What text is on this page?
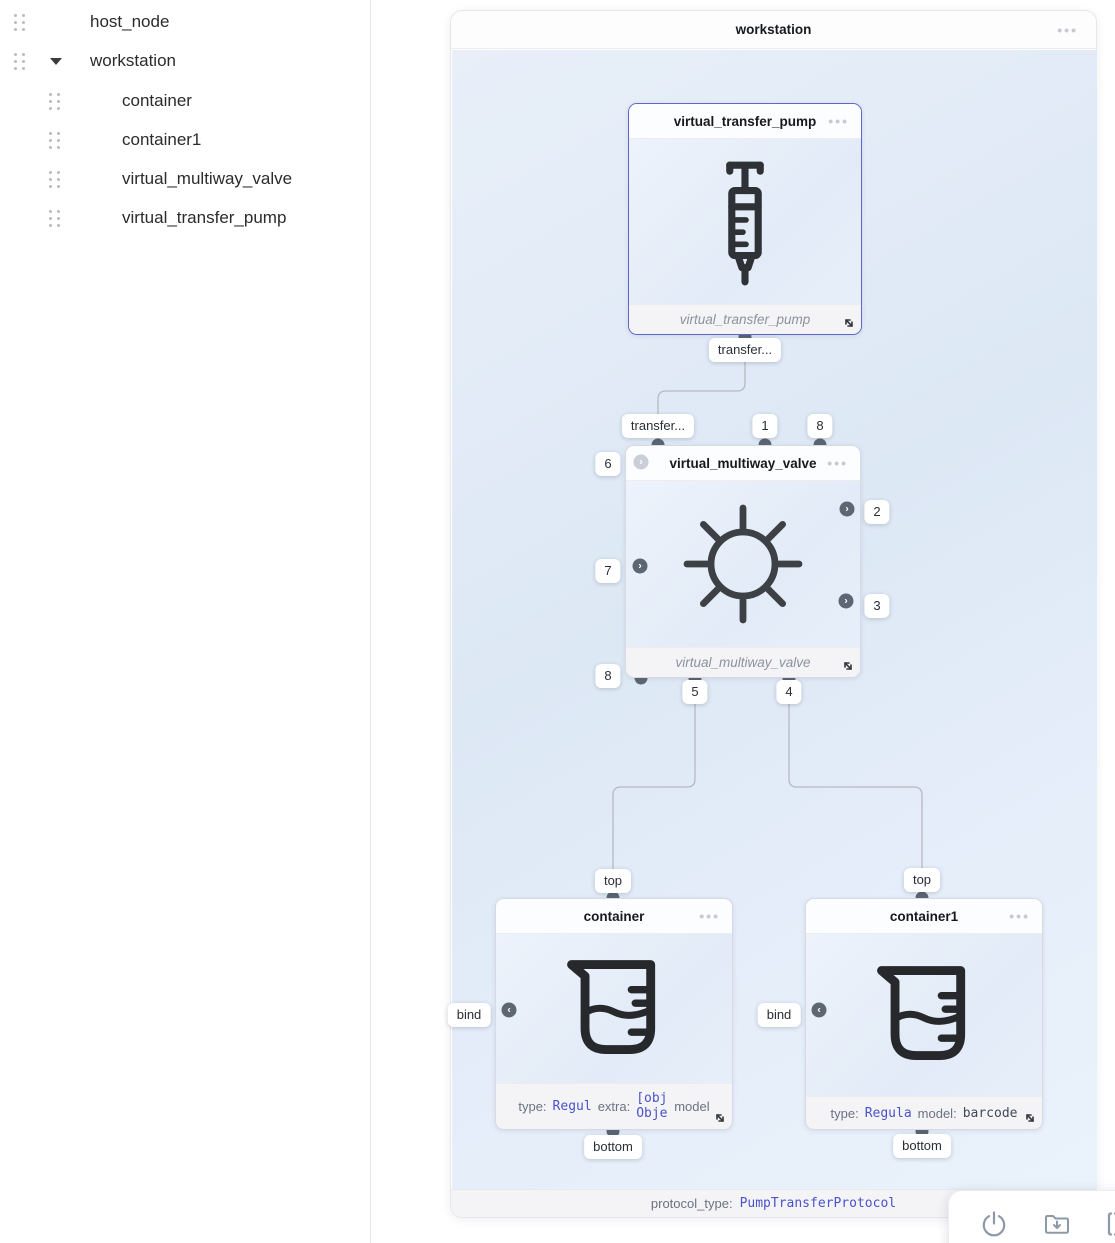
host_node
workstation
container
container1
virtual_multiway_valve
virtual_transfer_pump
workstation	•••
protocol_type: PumpTransferProtocol
virtual_transfer_pump •••
virtual_transfer_pump
transfer...
virtual_multiway_valve •••
virtual_multiway_valve
›
›
›
›
transfer...	1	8
6
7
8
2
3
5	4
container	•••
type: Regul extra:
[obj Obje model
‹
top
bind
bottom
container1	•••
type: Regula model: barcode
‹
top
bind
bottom
